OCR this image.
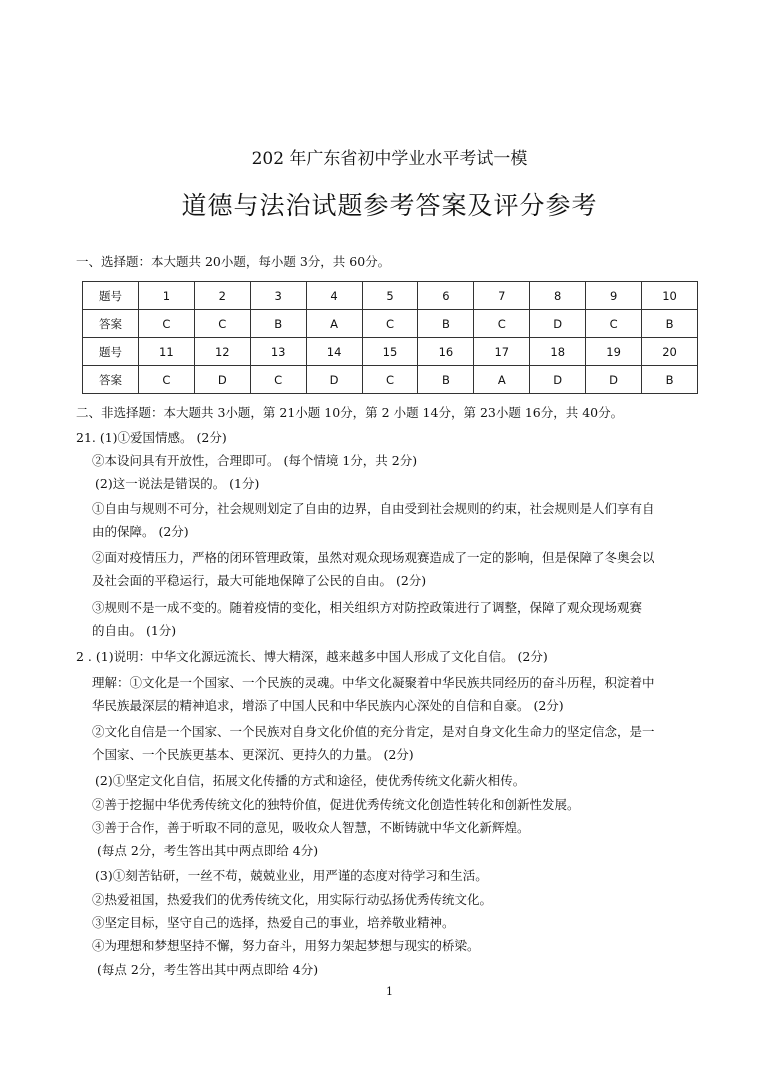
202 年广东省初中学业水平考试一模
道德与法治试题参考答案及评分参考
一、选择题：本大题共 20小题，每小题 3分，共 60分。
题号	1	2	3	4	5	6	7	8	9	10
答案	C	C	B	A	C	B	C	D	C	B
题号	11	12	13	14	15	16	17	18	19	20
答案	C	D	C	D	C	B	A	D	D	B
二、非选择题：本大题共 3小题，第 21小题 10分，第 2 小题 14分，第 23小题 16分，共 40分。
21. (1)①爱国情感。 (2分)
②本设问具有开放性，合理即可。 (每个情境 1分，共 2分)
(2)这一说法是错误的。 (1分)
①自由与规则不可分，社会规则划定了自由的边界，自由受到社会规则的约束，社会规则是人们享有自
由的保障。 (2分)
②面对疫情压力，严格的闭环管理政策，虽然对观众现场观赛造成了一定的影响，但是保障了冬奥会以
及社会面的平稳运行，最大可能地保障了公民的自由。 (2分)
③规则不是一成不变的。随着疫情的变化，相关组织方对防控政策进行了调整，保障了观众现场观赛
的自由。 (1分)
2 . (1)说明：中华文化源远流长、博大精深，越来越多中国人形成了文化自信。 (2分)
理解：①文化是一个国家、一个民族的灵魂。中华文化凝聚着中华民族共同经历的奋斗历程，积淀着中
华民族最深层的精神追求，增添了中国人民和中华民族内心深处的自信和自豪。 (2分)
②文化自信是一个国家、一个民族对自身文化价值的充分肯定，是对自身文化生命力的坚定信念，是一
个国家、一个民族更基本、更深沉、更持久的力量。 (2分)
(2)①坚定文化自信，拓展文化传播的方式和途径，使优秀传统文化薪火相传。
②善于挖掘中华优秀传统文化的独特价值，促进优秀传统文化创造性转化和创新性发展。
③善于合作，善于听取不同的意见，吸收众人智慧，不断铸就中华文化新辉煌。
(每点 2分，考生答出其中两点即给 4分)
(3)①刻苦钻研，一丝不苟，兢兢业业，用严谨的态度对待学习和生活。
②热爱祖国，热爱我们的优秀传统文化，用实际行动弘扬优秀传统文化。
③坚定目标，坚守自己的选择，热爱自己的事业，培养敬业精神。
④为理想和梦想坚持不懈，努力奋斗，用努力架起梦想与现实的桥梁。
(每点 2分，考生答出其中两点即给 4分)
1
